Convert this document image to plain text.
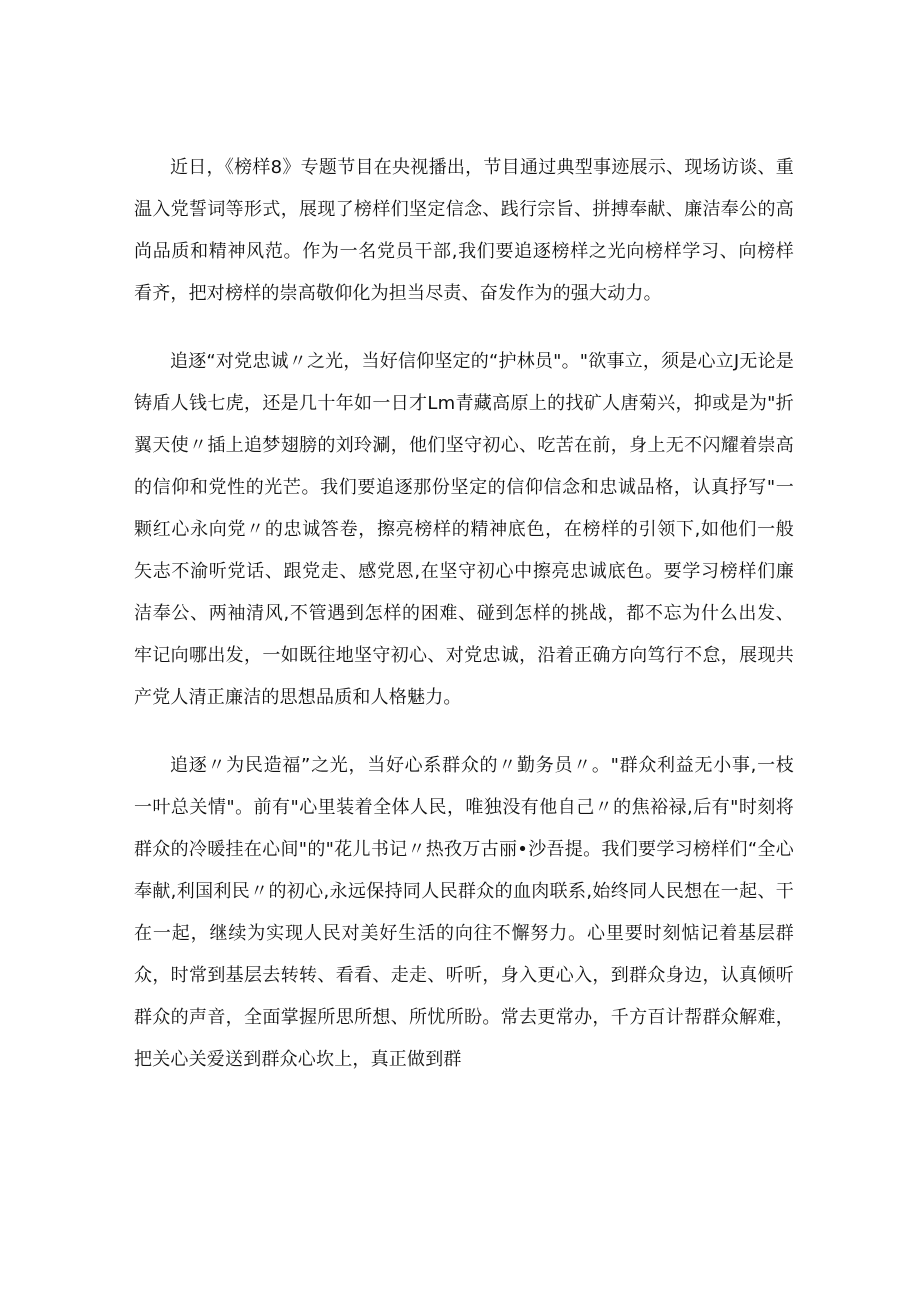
近日，《榜样8》专题节目在央视播出，节目通过典型事迹展示、现场访谈、重温入党誓词等形式，展现了榜样们坚定信念、践行宗旨、拼搏奉献、廉洁奉公的高尚品质和精神风范。作为一名党员干部,我们要追逐榜样之光向榜样学习、向榜样看齐，把对榜样的崇高敬仰化为担当尽责、奋发作为的强大动力。

追逐“对党忠诚〃之光，当好信仰坚定的“护林员"。"欲事立，须是心立J无论是铸盾人钱七虎，还是几十年如一日才Lm青藏高原上的找矿人唐菊兴，抑或是为"折翼天使〃插上追梦翅膀的刘玲涮，他们坚守初心、吃苦在前，身上无不闪耀着崇高的信仰和党性的光芒。我们要追逐那份坚定的信仰信念和忠诚品格，认真抒写"一颗红心永向党〃的忠诚答卷，擦亮榜样的精神底色，在榜样的引领下,如他们一般矢志不渝听党话、跟党走、感党恩,在坚守初心中擦亮忠诚底色。要学习榜样们廉洁奉公、两袖清风,不管遇到怎样的困难、碰到怎样的挑战，都不忘为什么出发、牢记向哪出发，一如既往地坚守初心、对党忠诚，沿着正确方向笃行不怠，展现共产党人清正廉洁的思想品质和人格魅力。

追逐〃为民造福”之光，当好心系群众的〃勤务员〃。"群众利益无小事,一枝一叶总关情"。前有"心里装着全体人民，唯独没有他自己〃的焦裕禄,后有"时刻将群众的冷暖挂在心间"的"花儿书记〃热孜万古丽•沙吾提。我们要学习榜样们“全心奉献,利国利民〃的初心,永远保持同人民群众的血肉联系,始终同人民想在一起、干在一起，继续为实现人民对美好生活的向往不懈努力。心里要时刻惦记着基层群众，时常到基层去转转、看看、走走、听听，身入更心入，到群众身边，认真倾听群众的声音，全面掌握所思所想、所忧所盼。常去更常办，千方百计帮群众解难，把关心关爱送到群众心坎上，真正做到群
